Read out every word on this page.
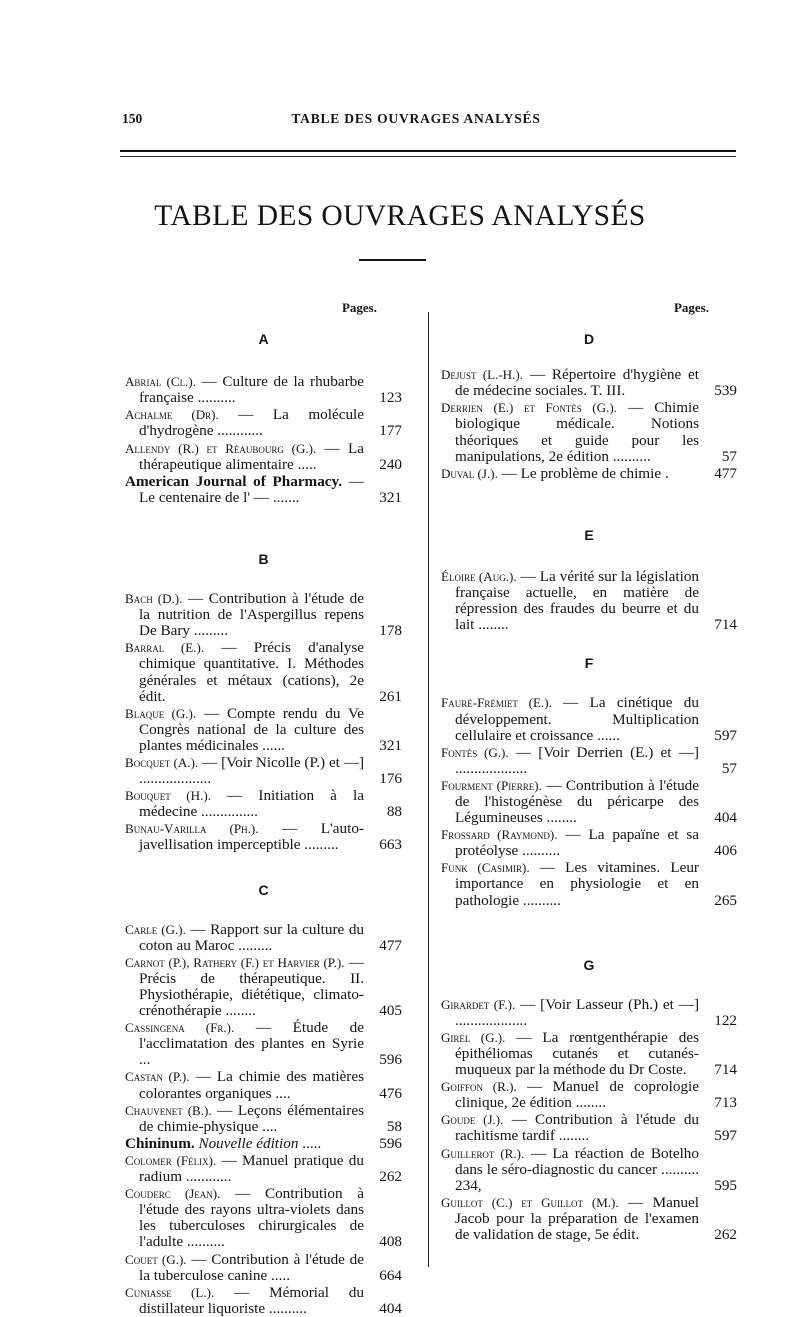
150	TABLE DES OUVRAGES ANALYSÉS
TABLE DES OUVRAGES ANALYSÉS
Pages.
A
Abrial (Cl.). — Culture de la rhubarbe française ..........	123
Achalme (Dr). — La molécule d'hydrogène ............	177
Allendy (R.) et Réaubourg (G.). — La thérapeutique alimentaire .....	240
American Journal of Pharmacy. — Le centenaire de l' — .......	321
B
Bach (D.). — Contribution à l'étude de la nutrition de l'Aspergillus repens De Bary .........	178
Barral (E.). — Précis d'analyse chimique quantitative. I. Méthodes générales et métaux (cations), 2e édit.	261
Blaque (G.). — Compte rendu du Ve Congrès national de la culture des plantes médicinales ......	321
Bocquet (A.). — [Voir Nicolle (P.) et —] ...................	176
Bouquet (H.). — Initiation à la médecine ...............	88
Bunau-Varilla (Ph.). — L'auto-javellisation imperceptible .........	663
C
Carle (G.). — Rapport sur la culture du coton au Maroc .........	477
Carnot (P.), Rathery (F.) et Harvier (P.). — Précis de thérapeutique. II. Physiothérapie, diététique, climato-crénothérapie ........	405
Cassingena (Fr.). — Étude de l'acclimatation des plantes en Syrie ...	596
Castan (P.). — La chimie des matières colorantes organiques ....	476
Chauvenet (B.). — Leçons élémentaires de chimie-physique ....	58
Chininum. Nouvelle édition .....	596
Colomer (Félix). — Manuel pratique du radium ............	262
Couderc (Jean). — Contribution à l'étude des rayons ultra-violets dans les tuberculoses chirurgicales de l'adulte ..........	408
Couet (G.). — Contribution à l'étude de la tuberculose canine .....	664
Cuniasse (L.). — Mémorial du distillateur liquoriste ..........	404
Pages.
D
Dejust (L.-H.). — Répertoire d'hygiène et de médecine sociales. T. III.	539
Derrien (E.) et Fontès (G.). — Chimie biologique médicale. Notions théoriques et guide pour les manipulations, 2e édition ..........	57
Duval (J.). — Le problème de chimie .	477
E
Éloire (Aug.). — La vérité sur la législation française actuelle, en matière de répression des fraudes du beurre et du lait ........	714
F
Fauré-Frémiet (E.). — La cinétique du développement. Multiplication cellulaire et croissance ......	597
Fontès (G.). — [Voir Derrien (E.) et —] ...................	57
Fourment (Pierre). — Contribution à l'étude de l'histogénèse du péricarpe des Légumineuses ........	404
Frossard (Raymond). — La papaïne et sa protéolyse ..........	406
Funk (Casimir). — Les vitamines. Leur importance en physiologie et en pathologie ..........	265
G
Girardet (F.). — [Voir Lasseur (Ph.) et —] ...................	122
Girel (G.). — La rœntgenthérapie des épithéliomas cutanés et cutanés-muqueux par la méthode du Dr Coste. 714
Goiffon (R.). — Manuel de coprologie clinique, 2e édition ........	713
Goude (J.). — Contribution à l'étude du rachitisme tardif ........	597
Guillerot (R.). — La réaction de Botelho dans le séro-diagnostic du cancer .......... 234,	595
Guillot (C.) et Guillot (M.). — Manuel Jacob pour la préparation de l'examen de validation de stage, 5e édit.	262
